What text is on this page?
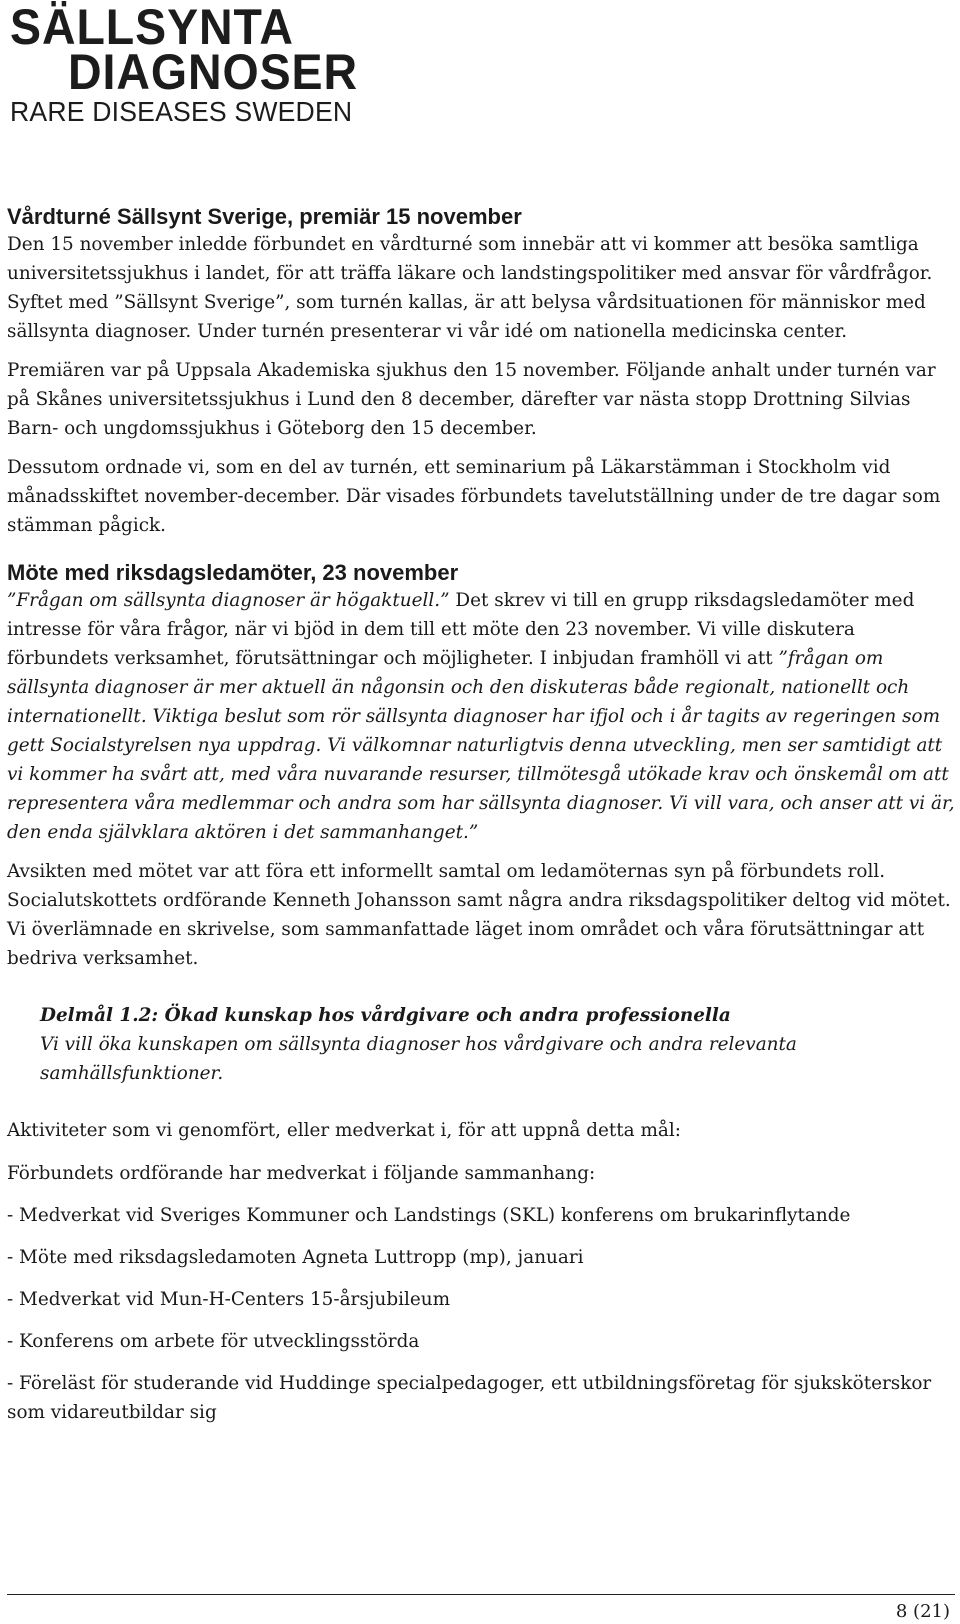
SÄLLSYNTA
DIAGNOSER
RARE DISEASES SWEDEN
Vårdturné Sällsynt Sverige, premiär 15 november

Den 15 november inledde förbundet en vårdturné som innebär att vi kommer att besöka samtliga universitetssjukhus i landet, för att träffa läkare och landstingspolitiker med ansvar för vårdfrågor. Syftet med ”Sällsynt Sverige”, som turnén kallas, är att belysa vårdsituationen för människor med sällsynta diagnoser. Under turnén presenterar vi vår idé om nationella medicinska center.

Premiären var på Uppsala Akademiska sjukhus den 15 november. Följande anhalt under turnén var på Skånes universitetssjukhus i Lund den 8 december, därefter var nästa stopp Drottning Silvias Barn- och ungdomssjukhus i Göteborg den 15 december.

Dessutom ordnade vi, som en del av turnén, ett seminarium på Läkarstämman i Stockholm vid månadsskiftet november-december. Där visades förbundets tavelutställning under de tre dagar som stämman pågick.

Möte med riksdagsledamöter, 23 november

”Frågan om sällsynta diagnoser är högaktuell.” Det skrev vi till en grupp riksdagsledamöter med intresse för våra frågor, när vi bjöd in dem till ett möte den 23 november. Vi ville diskutera förbundets verksamhet, förutsättningar och möjligheter. I inbjudan framhöll vi att ”frågan om sällsynta diagnoser är mer aktuell än någonsin och den diskuteras både regionalt, nationellt och internationellt. Viktiga beslut som rör sällsynta diagnoser har ifjol och i år tagits av regeringen som gett Socialstyrelsen nya uppdrag. Vi välkomnar naturligtvis denna utveckling, men ser samtidigt att vi kommer ha svårt att, med våra nuvarande resurser, tillmötesgå utökade krav och önskemål om att representera våra medlemmar och andra som har sällsynta diagnoser. Vi vill vara, och anser att vi är, den enda självklara aktören i det sammanhanget.”

Avsikten med mötet var att föra ett informellt samtal om ledamöternas syn på förbundets roll. Socialutskottets ordförande Kenneth Johansson samt några andra riksdagspolitiker deltog vid mötet. Vi överlämnade en skrivelse, som sammanfattade läget inom området och våra förutsättningar att bedriva verksamhet.

Delmål 1.2: Ökad kunskap hos vårdgivare och andra professionella

Vi vill öka kunskapen om sällsynta diagnoser hos vårdgivare och andra relevanta samhällsfunktioner.

Aktiviteter som vi genomfört, eller medverkat i, för att uppnå detta mål:

Förbundets ordförande har medverkat i följande sammanhang:

- Medverkat vid Sveriges Kommuner och Landstings (SKL) konferens om brukarinflytande

- Möte med riksdagsledamoten Agneta Luttropp (mp), januari

- Medverkat vid Mun-H-Centers 15-årsjubileum

- Konferens om arbete för utvecklingsstörda

- Föreläst för studerande vid Huddinge specialpedagoger, ett utbildningsföretag för sjuksköterskor som vidareutbildar sig

8 (21)
